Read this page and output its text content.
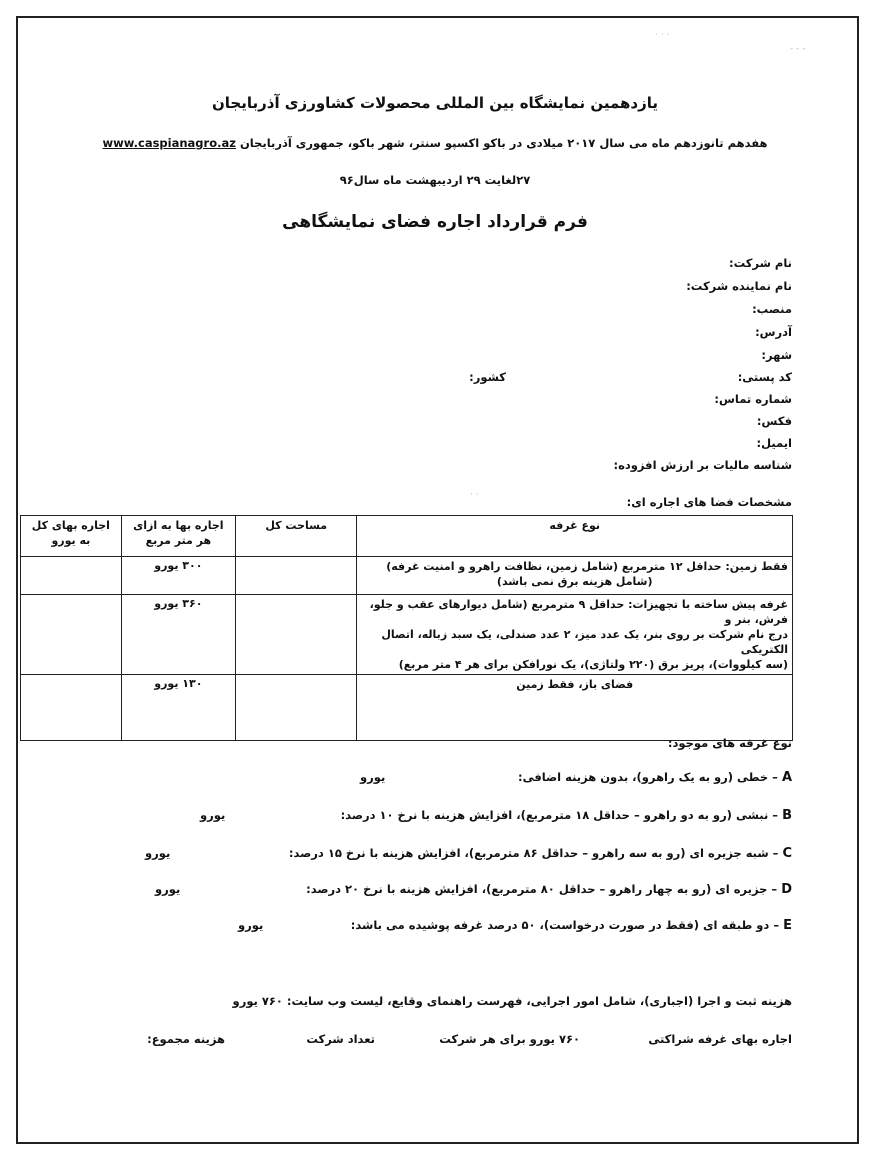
· · ·
- - -
· ·
یازدهمین نمایشگاه بین المللی محصولات کشاورزی آذربایجان
هفدهم تانوزدهم ماه می سال ۲۰۱۷ میلادی در باکو اکسپو سنتر، شهر باکو، جمهوری آذربایجان www.caspianagro.az
۲۷لغایت ۲۹ اردیبهشت ماه سال۹۶
فرم قرارداد اجاره فضای نمایشگاهی
نام شرکت:
نام نماینده شرکت:
منصب:
آدرس:
شهر:
کد پستی:
کشور:
شماره تماس:
فکس:
ایمیل:
شناسه مالیات بر ارزش افزوده:
مشخصات فضا های اجاره ای:
نوع غرفه	مساحت کل	اجاره بها به ازای هر متر مربع	اجاره بهای کل به یورو

فقط زمین: حداقل ۱۲ مترمربع (شامل زمین، نظافت راهرو و امنیت غرفه)
(شامل هزینه برق نمی باشد)		۳۰۰ یورو	

غرفه پیش ساخته با تجهیزات: حداقل ۹ مترمربع (شامل دیوارهای عقب و جلو، فرش، بنر و
درج نام شرکت بر روی بنر، یک عدد میز، ۲ عدد صندلی، یک سبد زباله، اتصال الکتریکی
(سه کیلووات)، پریز برق (۲۲۰ ولتاژی)، یک نورافکن برای هر ۴ متر مربع)		۳۶۰ یورو	
فضای باز، فقط زمین		۱۳۰ یورو	
نوع غرفه های موجود:
A – خطی (رو به یک راهرو)، بدون هزینه اضافی:
یورو
B – نبشی (رو به دو راهرو – حداقل ۱۸ مترمربع)، افزایش هزینه با نرخ ۱۰ درصد:
یورو
C – شبه جزیره ای (رو به سه راهرو – حداقل ۸۶ مترمربع)، افزایش هزینه با نرخ ۱۵ درصد:
یورو
D – جزیره ای (رو به چهار راهرو – حداقل ۸۰ مترمربع)، افزایش هزینه با نرخ ۲۰ درصد:
یورو
E – دو طبقه ای (فقط در صورت درخواست)، ۵۰ درصد غرفه پوشیده می باشد:
یورو
هزینه ثبت و اجرا (اجباری)، شامل امور اجرایی، فهرست راهنمای وقایع، لیست وب سایت: ۷۶۰ یورو
اجاره بهای غرفه شراکتی
۷۶۰ یورو برای هر شرکت
تعداد شرکت
هزینه مجموع:
